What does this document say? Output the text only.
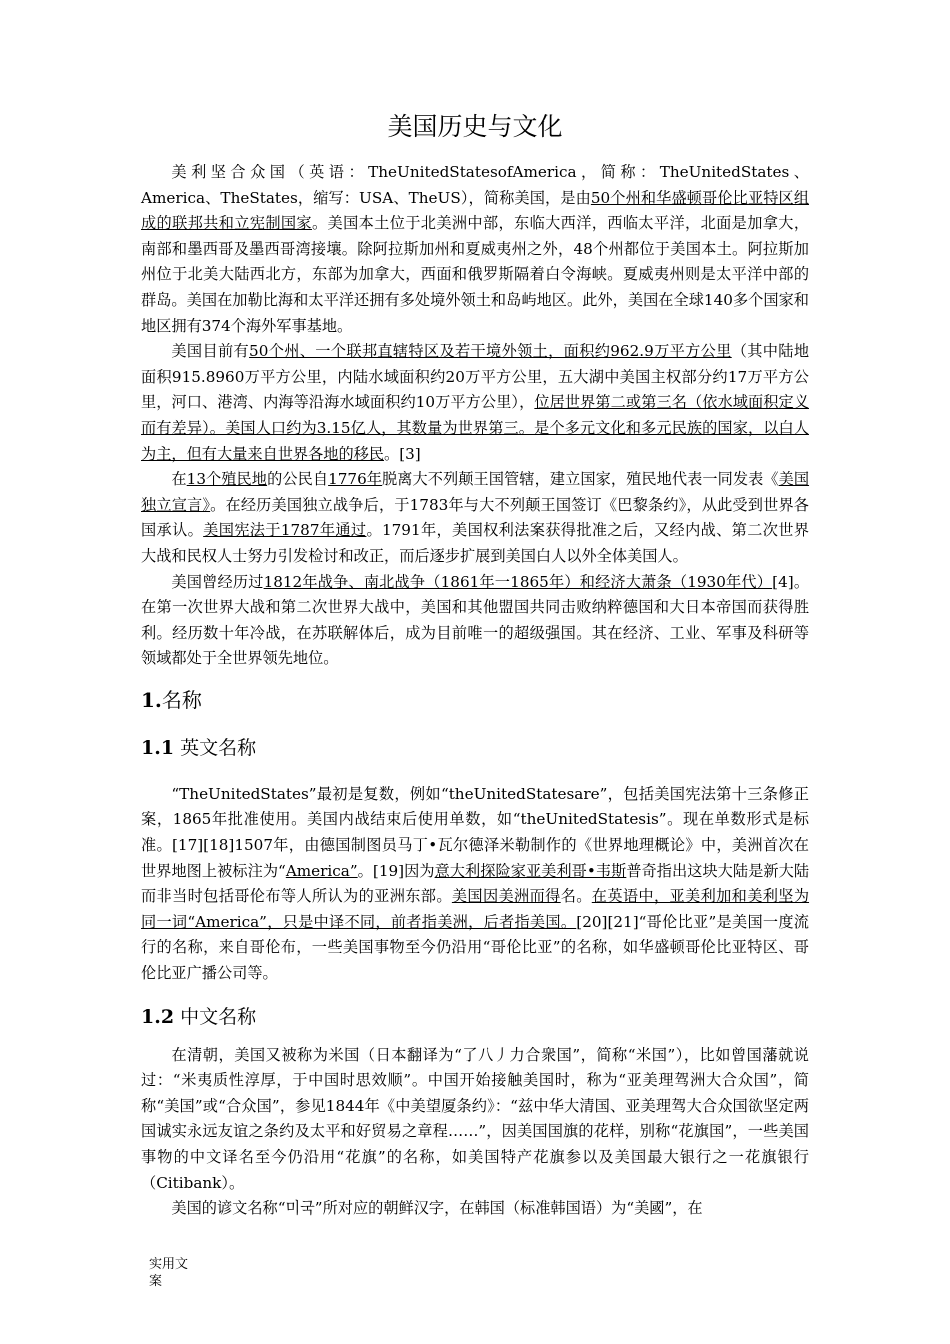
美国历史与文化

美利坚合众国（英语：TheUnitedStatesofAmerica，简称：TheUnitedStates、America、TheStates，缩写：USA、TheUS），简称美国，是由50个州和华盛顿哥伦比亚特区组成的联邦共和立宪制国家。美国本土位于北美洲中部，东临大西洋，西临太平洋，北面是加拿大，南部和墨西哥及墨西哥湾接壤。除阿拉斯加州和夏威夷州之外，48个州都位于美国本土。阿拉斯加州位于北美大陆西北方，东部为加拿大，西面和俄罗斯隔着白令海峡。夏威夷州则是太平洋中部的群岛。美国在加勒比海和太平洋还拥有多处境外领土和岛屿地区。此外，美国在全球140多个国家和地区拥有374个海外军事基地。

美国目前有50个州、一个联邦直辖特区及若干境外领土，面积约962.9万平方公里（其中陆地面积915.8960万平方公里，内陆水域面积约20万平方公里，五大湖中美国主权部分约17万平方公里，河口、港湾、内海等沿海水域面积约10万平方公里），位居世界第二或第三名（依水域面积定义而有差异）。美国人口约为3.15亿人，其数量为世界第三。是个多元文化和多元民族的国家，以白人为主，但有大量来自世界各地的移民。[3]

在13个殖民地的公民自1776年脱离大不列颠王国管辖，建立国家，殖民地代表一同发表《美国独立宣言》。在经历美国独立战争后，于1783年与大不列颠王国签订《巴黎条约》，从此受到世界各国承认。美国宪法于1787年通过。1791年，美国权利法案获得批准之后，又经内战、第二次世界大战和民权人士努力引发检讨和改正，而后逐步扩展到美国白人以外全体美国人。

美国曾经历过1812年战争、南北战争（1861年一1865年）和经济大萧条（1930年代）[4]。在第一次世界大战和第二次世界大战中，美国和其他盟国共同击败纳粹德国和大日本帝国而获得胜利。经历数十年冷战，在苏联解体后，成为目前唯一的超级强国。其在经济、工业、军事及科研等领域都处于全世界领先地位。

1.名称
1.1 英文名称

“TheUnitedStates”最初是复数，例如“theUnitedStatesare”，包括美国宪法第十三条修正案，1865年批准使用。美国内战结束后使用单数，如“theUnitedStatesis”。现在单数形式是标准。[17][18]1507年，由德国制图员马丁•瓦尔德泽米勒制作的《世界地理概论》中，美洲首次在世界地图上被标注为“America”。[19]因为意大利探险家亚美利哥•韦斯普奇指出这块大陆是新大陆而非当时包括哥伦布等人所认为的亚洲东部。美国因美洲而得名。在英语中，亚美利加和美利坚为同一词“America”，只是中译不同，前者指美洲，后者指美国。[20][21]“哥伦比亚”是美国一度流行的名称，来自哥伦布，一些美国事物至今仍沿用“哥伦比亚”的名称，如华盛顿哥伦比亚特区、哥伦比亚广播公司等。

1.2 中文名称

在清朝，美国又被称为米国（日本翻译为“了八丿力合衆国”，简称“米国”），比如曾国藩就说过：“米夷质性淳厚，于中国时思效顺”。中国开始接触美国时，称为“亚美理驾洲大合众国”，简称“美国”或“合众国”，参见1844年《中美望厦条约》：“兹中华大清国、亚美理驾大合众国欲坚定两国诚实永远友谊之条约及太平和好贸易之章程……”，因美国国旗的花样，别称“花旗国”，一些美国事物的中文译名至今仍沿用“花旗”的名称，如美国特产花旗参以及美国最大银行之一花旗银行（Citibank）。

美国的谚文名称“미국”所对应的朝鲜汉字，在韩国（标准韩国语）为“美國”，在

实用文
案
